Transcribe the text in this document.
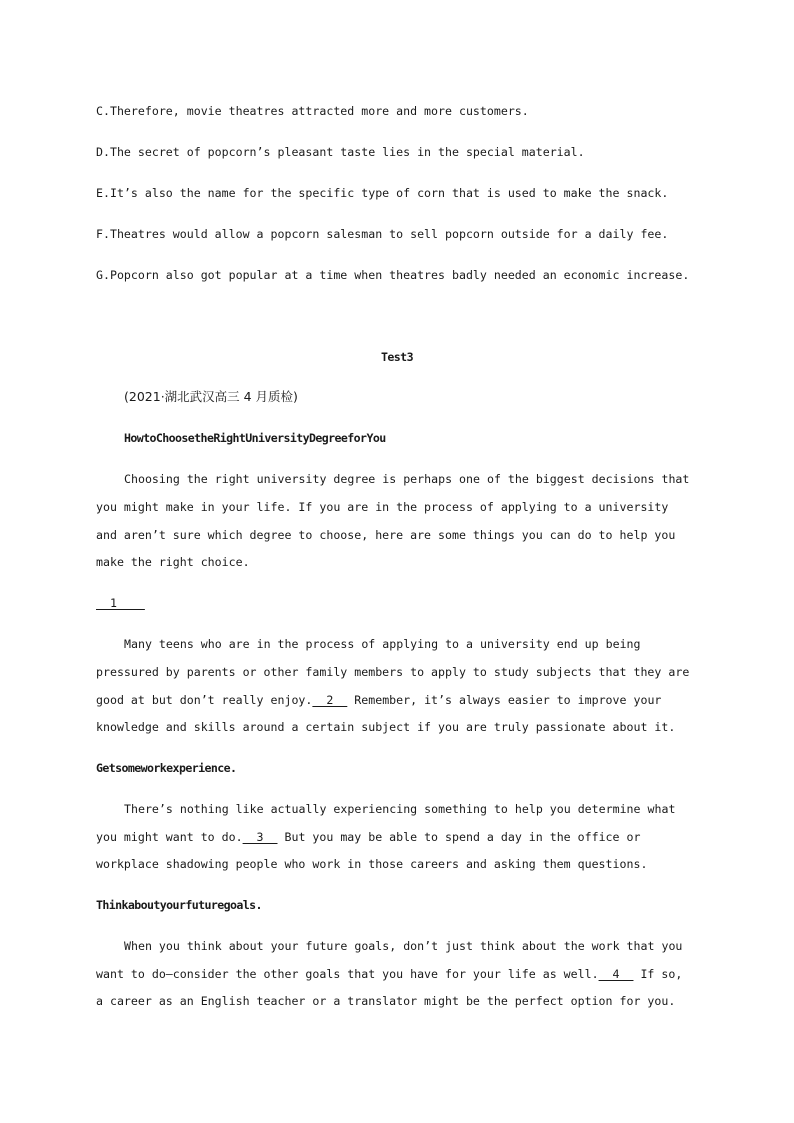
C.Therefore, movie theatres attracted more and more customers.
D.The secret of popcorn’s pleasant taste lies in the special material.
E.It’s also the name for the specific type of corn that is used to make the snack.
F.Theatres would allow a popcorn salesman to sell popcorn outside for a daily fee.
G.Popcorn also got popular at a time when theatres badly needed an economic increase.
Test3
(2021·湖北武汉高三 4 月质检)
HowtoChoosetheRightUniversityDegreeforYou
Choosing the right university degree is perhaps one of the biggest decisions that
you might make in your life. If you are in the process of applying to a university
and aren’t sure which degree to choose, here are some things you can do to help you
make the right choice.
1
Many teens who are in the process of applying to a university end up being
pressured by parents or other family members to apply to study subjects that they are
good at but don’t really enjoy.  2   Remember, it’s always easier to improve your
knowledge and skills around a certain subject if you are truly passionate about it.
Getsomeworkexperience.
There’s nothing like actually experiencing something to help you determine what
you might want to do.  3   But you may be able to spend a day in the office or
workplace shadowing people who work in those careers and asking them questions.
Thinkaboutyourfuturegoals.
When you think about your future goals, don’t just think about the work that you
want to do—consider the other goals that you have for your life as well.  4   If so,
a career as an English teacher or a translator might be the perfect option for you.
